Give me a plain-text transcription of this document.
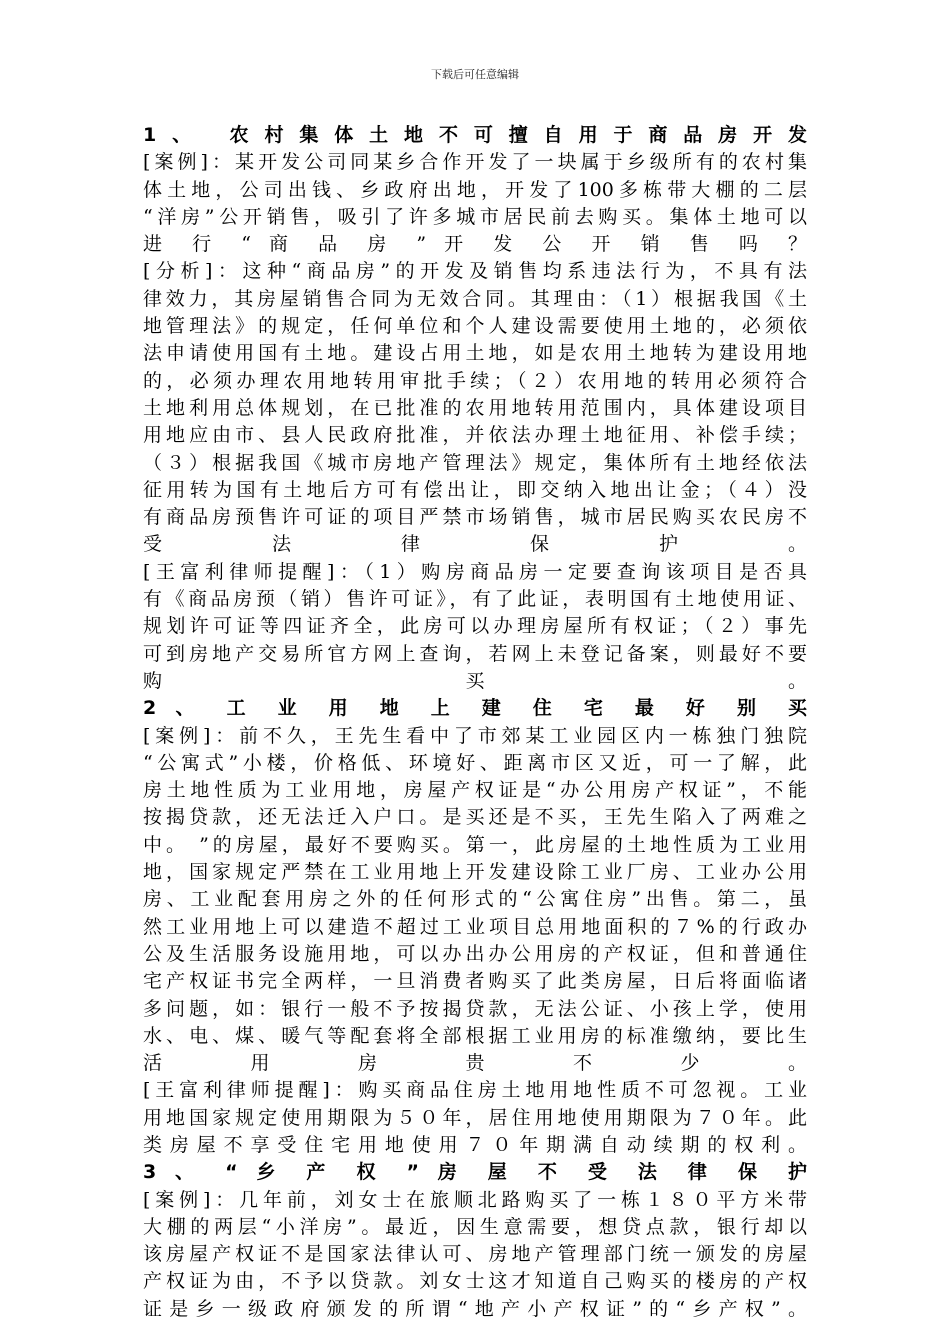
下载后可任意编辑
1、 农村集体土地不可擅自用于商品房开发
[案例]：某开发公司同某乡合作开发了一块属于乡级所有的农村集
体土地，公司出钱、乡政府出地，开发了100多栋带大棚的二层
“洋房”公开销售，吸引了许多城市居民前去购买。集体土地可以
进 行 “ 商 品 房 ” 开 发 公 开 销 售 吗 ？
[分析]：这种“商品房”的开发及销售均系违法行为，不具有法
律效力，其房屋销售合同为无效合同。其理由：（1）根据我国《土
地管理法》的规定，任何单位和个人建设需要使用土地的，必须依
法申请使用国有土地。建设占用土地，如是农用土地转为建设用地
的，必须办理农用地转用审批手续；（２）农用地的转用必须符合
土地利用总体规划，在已批准的农用地转用范围内，具体建设项目
用地应由市、县人民政府批准，并依法办理土地征用、补偿手续；
（３）根据我国《城市房地产管理法》规定，集体所有土地经依法
征用转为国有土地后方可有偿出让，即交纳入地出让金；（４）没
有商品房预售许可证的项目严禁市场销售，城市居民购买农民房不
受 法 律 保 护 。
[王富利律师提醒]：（1）购房商品房一定要查询该项目是否具
有《商品房预（销）售许可证》，有了此证，表明国有土地使用证、
规划许可证等四证齐全，此房可以办理房屋所有权证；（２）事先
可到房地产交易所官方网上查询，若网上未登记备案，则最好不要
购 买 。
2 、 工 业 用 地 上 建 住 宅 最 好 别 买
[案例]：前不久，王先生看中了市郊某工业园区内一栋独门独院
“公寓式”小楼，价格低、环境好、距离市区又近，可一了解，此
房土地性质为工业用地，房屋产权证是“办公用房产权证”，不能
按揭贷款，还无法迁入户口。是买还是不买，王先生陷入了两难之
中。 ”的房屋，最好不要购买。第一，此房屋的土地性质为工业用
地，国家规定严禁在工业用地上开发建设除工业厂房、工业办公用
房、工业配套用房之外的任何形式的“公寓住房”出售。第二，虽
然工业用地上可以建造不超过工业项目总用地面积的７%的行政办
公及生活服务设施用地，可以办出办公用房的产权证，但和普通住
宅产权证书完全两样，一旦消费者购买了此类房屋，日后将面临诸
多问题，如：银行一般不予按揭贷款，无法公证、小孩上学，使用
水、电、煤、暖气等配套将全部根据工业用房的标准缴纳，要比生
活 用 房 贵 不 少 。
[王富利律师提醒]：购买商品住房土地用地性质不可忽视。工业
用地国家规定使用期限为５０年，居住用地使用期限为７０年。此
类房屋不享受住宅用地使用７０年期满自动续期的权利。
3 、 “ 乡 产 权 ” 房 屋 不 受 法 律 保 护
[案例]：几年前，刘女士在旅顺北路购买了一栋１８０平方米带
大棚的两层“小洋房”。最近，因生意需要，想贷点款，银行却以
该房屋产权证不是国家法律认可、房地产管理部门统一颁发的房屋
产权证为由，不予以贷款。刘女士这才知道自己购买的楼房的产权
证是乡一级政府颁发的所谓“地产小产权证”的“乡产权”。
